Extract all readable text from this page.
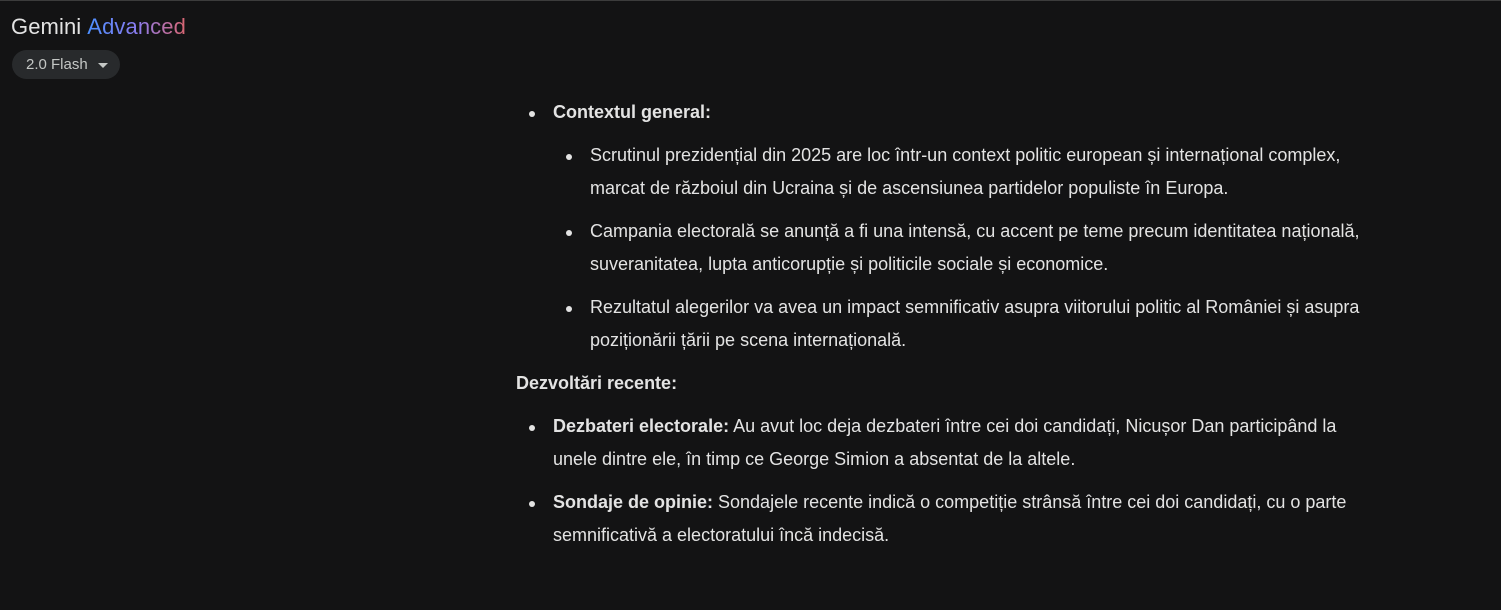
Gemini Advanced
2.0 Flash
Contextul general:
Scrutinul prezidențial din 2025 are loc într-un context politic european și internațional complex, marcat de războiul din Ucraina și de ascensiunea partidelor populiste în Europa.
Campania electorală se anunță a fi una intensă, cu accent pe teme precum identitatea națională, suveranitatea, lupta anticorupție și politicile sociale și economice.
Rezultatul alegerilor va avea un impact semnificativ asupra viitorului politic al României și asupra poziționării țării pe scena internațională.
Dezvoltări recente:
Dezbateri electorale: Au avut loc deja dezbateri între cei doi candidați, Nicușor Dan participând la unele dintre ele, în timp ce George Simion a absentat de la altele.
Sondaje de opinie: Sondajele recente indică o competiție strânsă între cei doi candidați, cu o parte semnificativă a electoratului încă indecisă.
